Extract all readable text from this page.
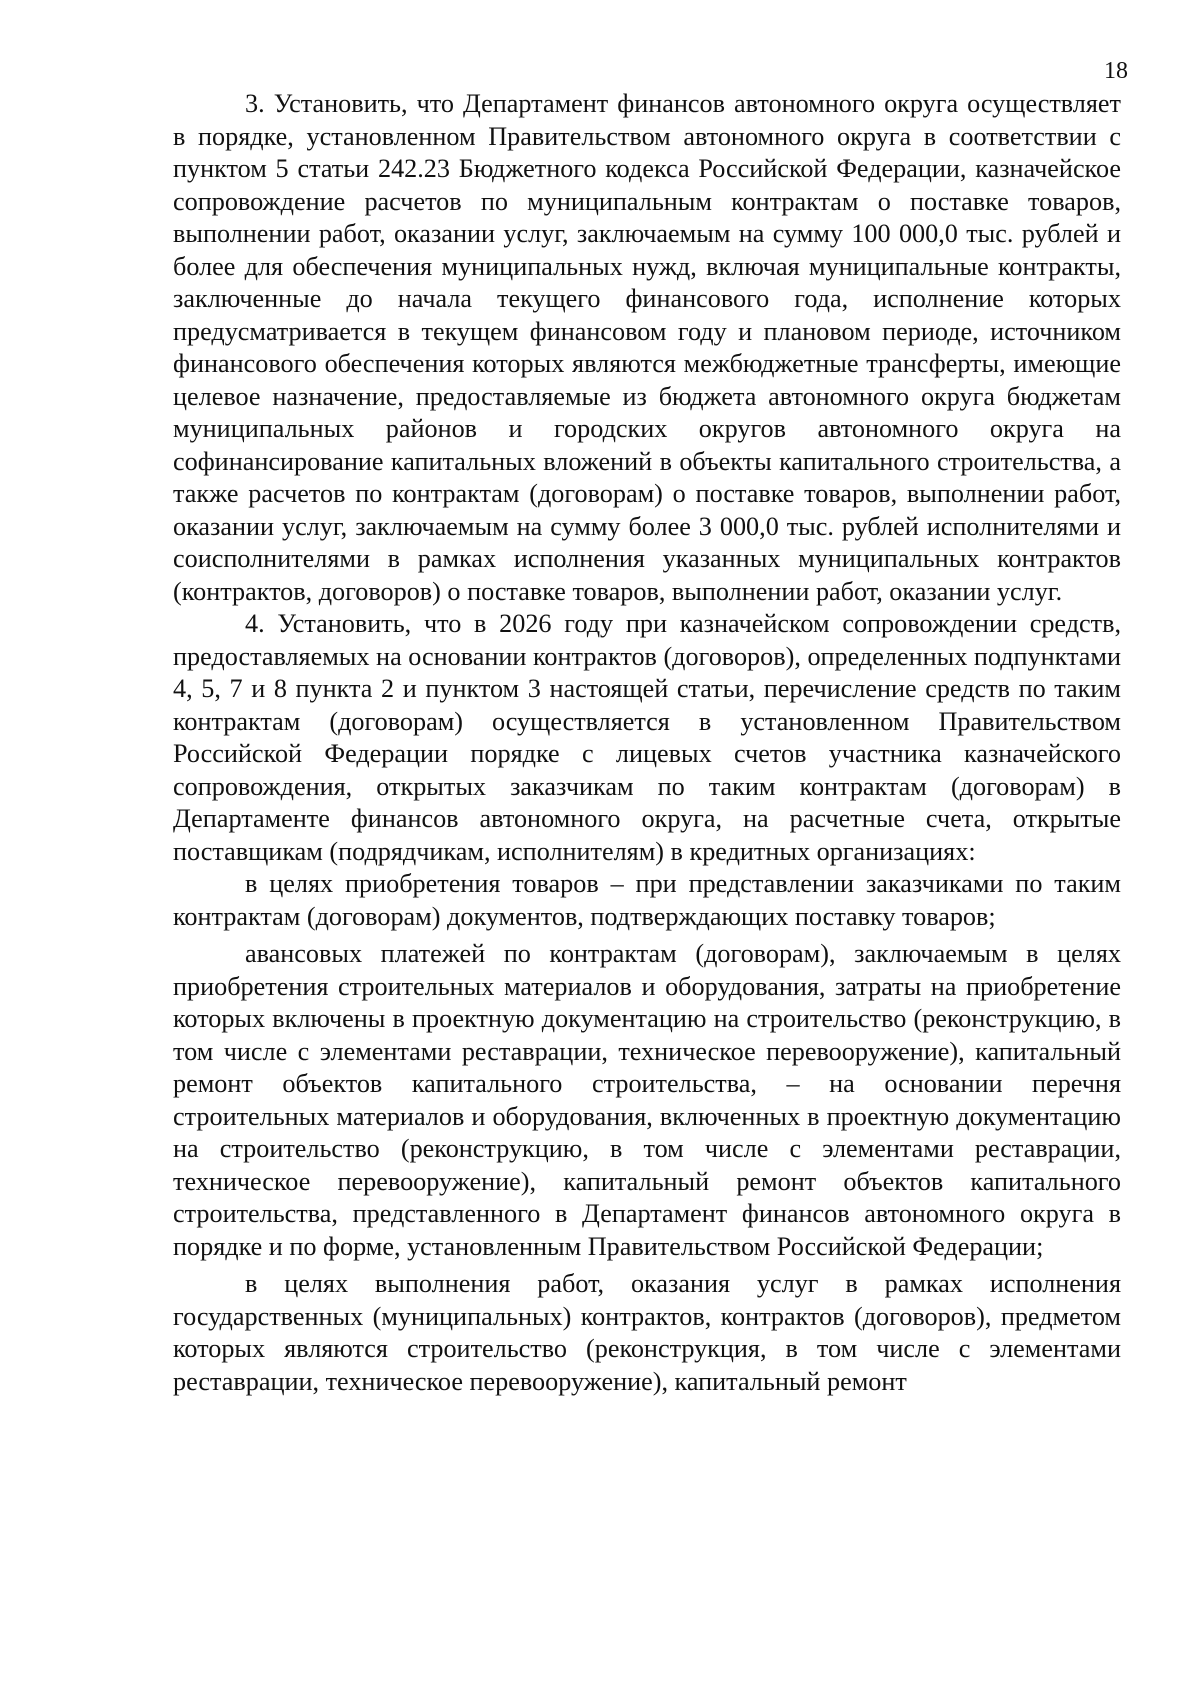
18

3. Установить, что Департамент финансов автономного округа осуществляет в порядке, установленном Правительством автономного округа в соответствии с пунктом 5 статьи 242.23 Бюджетного кодекса Российской Федерации, казначейское сопровождение расчетов по муниципальным контрактам о поставке товаров, выполнении работ, оказании услуг, заключаемым на сумму 100 000,0 тыс. рублей и более для обеспечения муниципальных нужд, включая муниципальные контракты, заключенные до начала текущего финансового года, исполнение которых предусматривается в текущем финансовом году и плановом периоде, источником финансового обеспечения которых являются межбюджетные трансферты, имеющие целевое назначение, предоставляемые из бюджета автономного округа бюджетам муниципальных районов и городских округов автономного округа на софинансирование капитальных вложений в объекты капитального строительства, а также расчетов по контрактам (договорам) о поставке товаров, выполнении работ, оказании услуг, заключаемым на сумму более 3 000,0 тыс. рублей исполнителями и соисполнителями в рамках исполнения указанных муниципальных контрактов (контрактов, договоров) о поставке товаров, выполнении работ, оказании услуг.

4. Установить, что в 2026 году при казначейском сопровождении средств, предоставляемых на основании контрактов (договоров), определенных подпунктами 4, 5, 7 и 8 пункта 2 и пунктом 3 настоящей статьи, перечисление средств по таким контрактам (договорам) осуществляется в установленном Правительством Российской Федерации порядке с лицевых счетов участника казначейского сопровождения, открытых заказчикам по таким контрактам (договорам) в Департаменте финансов автономного округа, на расчетные счета, открытые поставщикам (подрядчикам, исполнителям) в кредитных организациях:

в целях приобретения товаров – при представлении заказчиками по таким контрактам (договорам) документов, подтверждающих поставку товаров;

авансовых платежей по контрактам (договорам), заключаемым в целях приобретения строительных материалов и оборудования, затраты на приобретение которых включены в проектную документацию на строительство (реконструкцию, в том числе с элементами реставрации, техническое перевооружение), капитальный ремонт объектов капитального строительства, – на основании перечня строительных материалов и оборудования, включенных в проектную документацию на строительство (реконструкцию, в том числе с элементами реставрации, техническое перевооружение), капитальный ремонт объектов капитального строительства, представленного в Департамент финансов автономного округа в порядке и по форме, установленным Правительством Российской Федерации;

в целях выполнения работ, оказания услуг в рамках исполнения государственных (муниципальных) контрактов, контрактов (договоров), предметом которых являются строительство (реконструкция, в том числе с элементами реставрации, техническое перевооружение), капитальный ремонт
